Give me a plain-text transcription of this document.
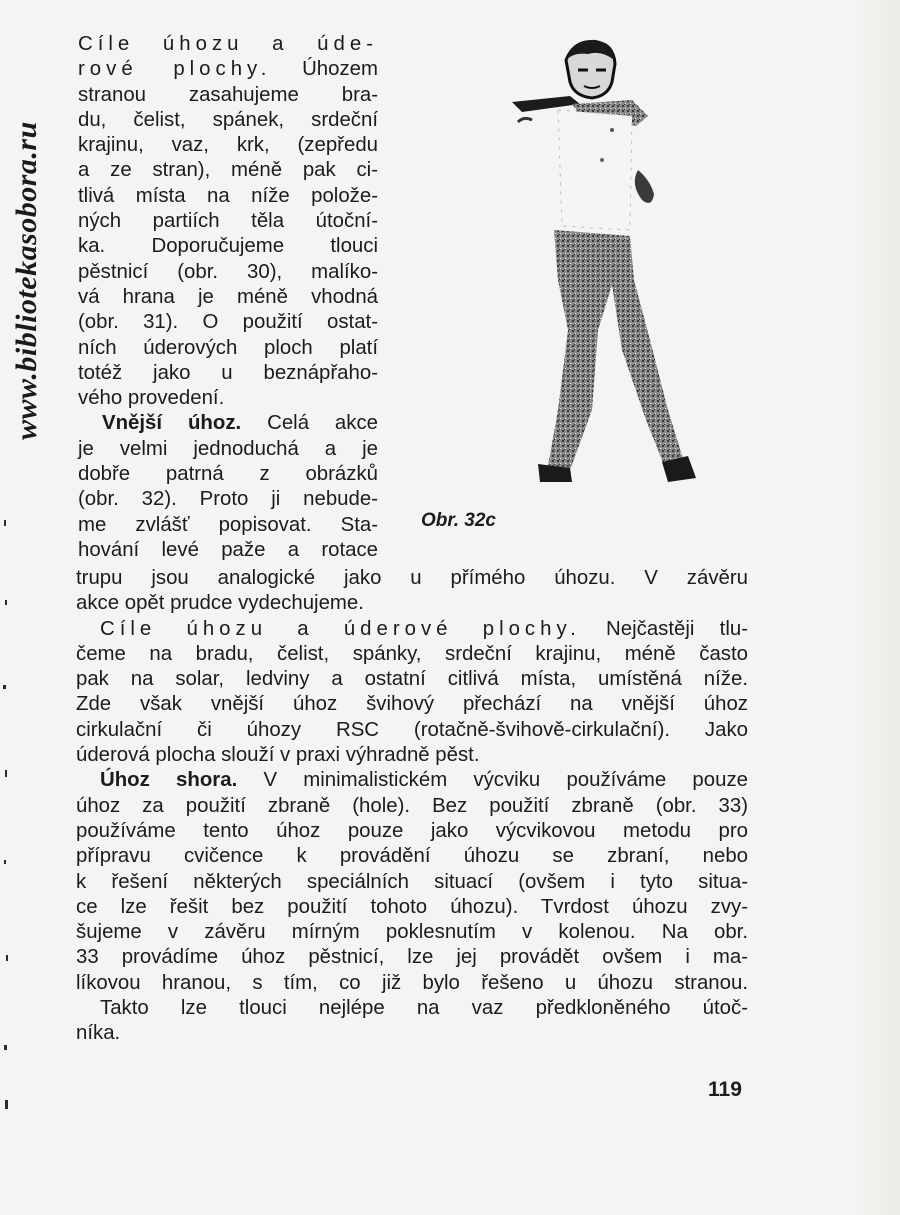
www.bibliotekasobora.ru
Cíle úhozu a úde-
rové plochy. Úhozem
stranou zasahujeme bra-
du, čelist, spánek, srdeční
krajinu, vaz, krk, (zepředu
a ze stran), méně pak ci-
tlivá místa na níže polože-
ných partiích těla útoční-
ka. Doporučujeme tlouci
pěstnicí (obr. 30), malíko-
vá hrana je méně vhodná
(obr. 31). O použití ostat-
ních úderových ploch platí
totéž jako u beznápřaho-
vého provedení.
Vnější úhoz. Celá akce
je velmi jednoduchá a je
dobře patrná z obrázků
(obr. 32). Proto ji nebude-
me zvlášť popisovat. Sta-
hování levé paže a rotace
Obr. 32c
trupu jsou analogické jako u přímého úhozu. V závěru
akce opět prudce vydechujeme.
Cíle úhozu a úderové plochy. Nejčastěji tlu-
čeme na bradu, čelist, spánky, srdeční krajinu, méně často
pak na solar, ledviny a ostatní citlivá místa, umístěná níže.
Zde však vnější úhoz švihový přechází na vnější úhoz
cirkulační či úhozy RSC (rotačně-švihově-cirkulační). Jako
úderová plocha slouží v praxi výhradně pěst.
Úhoz shora. V minimalistickém výcviku používáme pouze
úhoz za použití zbraně (hole). Bez použití zbraně (obr. 33)
používáme tento úhoz pouze jako výcvikovou metodu pro
přípravu cvičence k provádění úhozu se zbraní, nebo
k řešení některých speciálních situací (ovšem i tyto situa-
ce lze řešit bez použití tohoto úhozu). Tvrdost úhozu zvy-
šujeme v závěru mírným poklesnutím v kolenou. Na obr.
33 provádíme úhoz pěstnicí, lze jej provádět ovšem i ma-
líkovou hranou, s tím, co již bylo řešeno u úhozu stranou.
Takto lze tlouci nejlépe na vaz předkloněného útoč-
níka.
119
